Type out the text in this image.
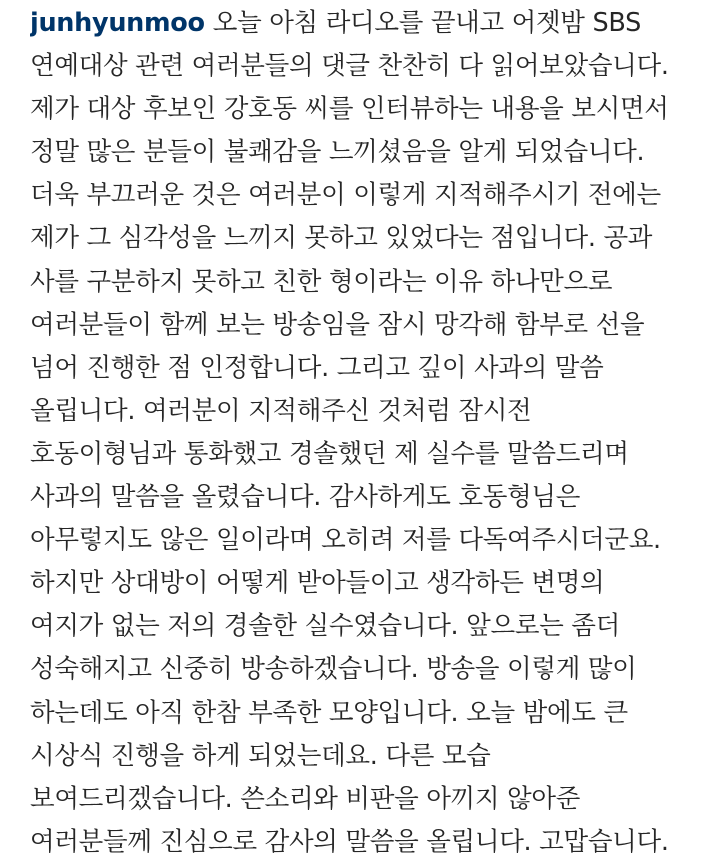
junhyunmoo 오늘 아침 라디오를 끝내고 어젯밤 SBS
연예대상 관련 여러분들의 댓글 찬찬히 다 읽어보았습니다.
제가 대상 후보인 강호동 씨를 인터뷰하는 내용을 보시면서
정말 많은 분들이 불쾌감을 느끼셨음을 알게 되었습니다.
더욱 부끄러운 것은 여러분이 이렇게 지적해주시기 전에는
제가 그 심각성을 느끼지 못하고 있었다는 점입니다. 공과
사를 구분하지 못하고 친한 형이라는 이유 하나만으로
여러분들이 함께 보는 방송임을 잠시 망각해 함부로 선을
넘어 진행한 점 인정합니다. 그리고 깊이 사과의 말씀
올립니다. 여러분이 지적해주신 것처럼 잠시전
호동이형님과 통화했고 경솔했던 제 실수를 말씀드리며
사과의 말씀을 올렸습니다. 감사하게도 호동형님은
아무렇지도 않은 일이라며 오히려 저를 다독여주시더군요.
하지만 상대방이 어떻게 받아들이고 생각하든 변명의
여지가 없는 저의 경솔한 실수였습니다. 앞으로는 좀더
성숙해지고 신중히 방송하겠습니다. 방송을 이렇게 많이
하는데도 아직 한참 부족한 모양입니다. 오늘 밤에도 큰
시상식 진행을 하게 되었는데요. 다른 모습
보여드리겠습니다. 쓴소리와 비판을 아끼지 않아준
여러분들께 진심으로 감사의 말씀을 올립니다. 고맙습니다.
